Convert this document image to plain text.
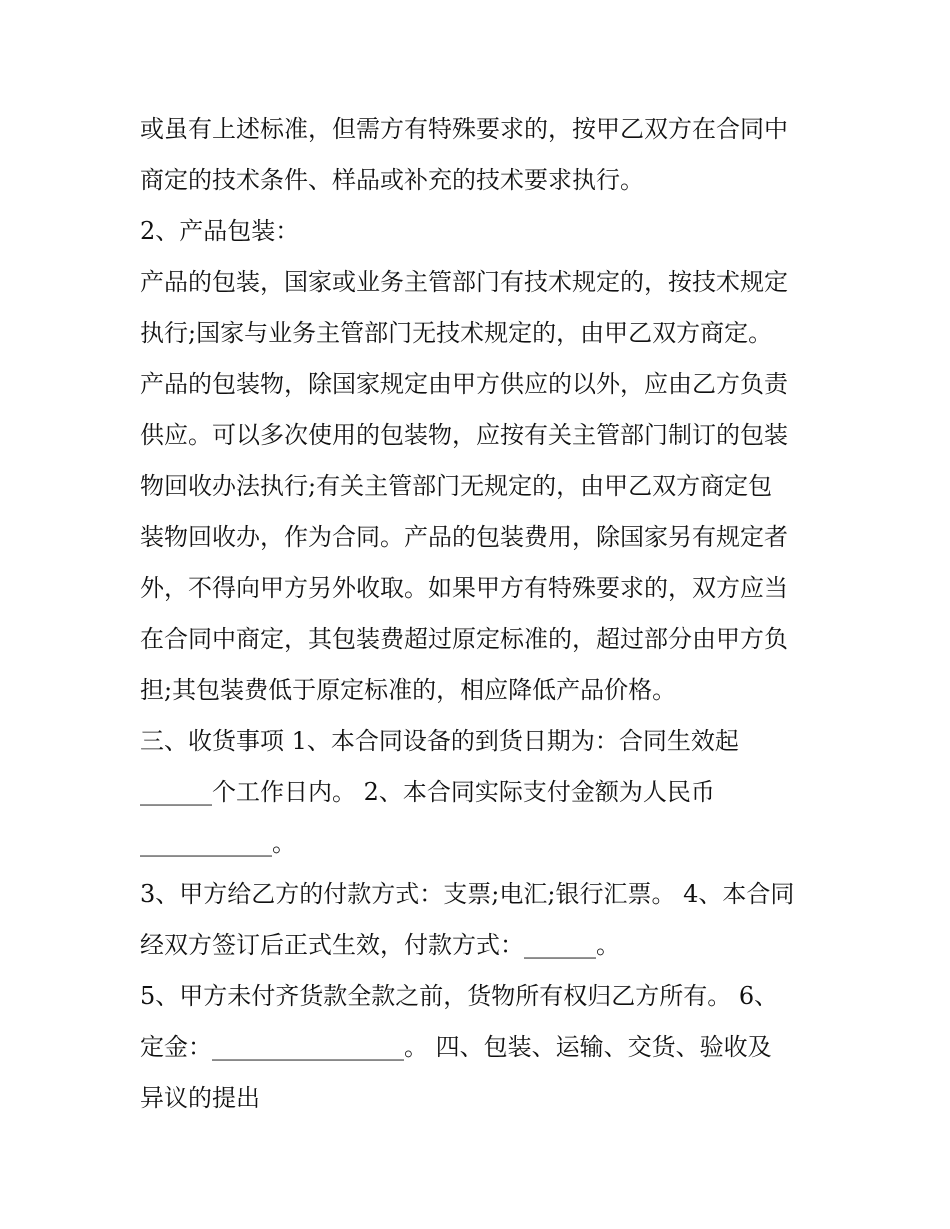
或虽有上述标准，但需方有特殊要求的，按甲乙双方在合同中
商定的技术条件、样品或补充的技术要求执行。
2、产品包装：
产品的包装，国家或业务主管部门有技术规定的，按技术规定
执行;国家与业务主管部门无技术规定的，由甲乙双方商定。
产品的包装物，除国家规定由甲方供应的以外，应由乙方负责
供应。可以多次使用的包装物，应按有关主管部门制订的包装
物回收办法执行;有关主管部门无规定的，由甲乙双方商定包
装物回收办，作为合同。产品的包装费用，除国家另有规定者
外，不得向甲方另外收取。如果甲方有特殊要求的，双方应当
在合同中商定，其包装费超过原定标准的，超过部分由甲方负
担;其包装费低于原定标准的，相应降低产品价格。
三、收货事项 1、本合同设备的到货日期为：合同生效起
______个工作日内。 2、本合同实际支付金额为人民币
___________。
3、甲方给乙方的付款方式：支票;电汇;银行汇票。 4、本合同
经双方签订后正式生效，付款方式：______。
5、甲方未付齐货款全款之前，货物所有权归乙方所有。 6、
定金：________________。 四、包装、运输、交货、验收及
异议的提出
